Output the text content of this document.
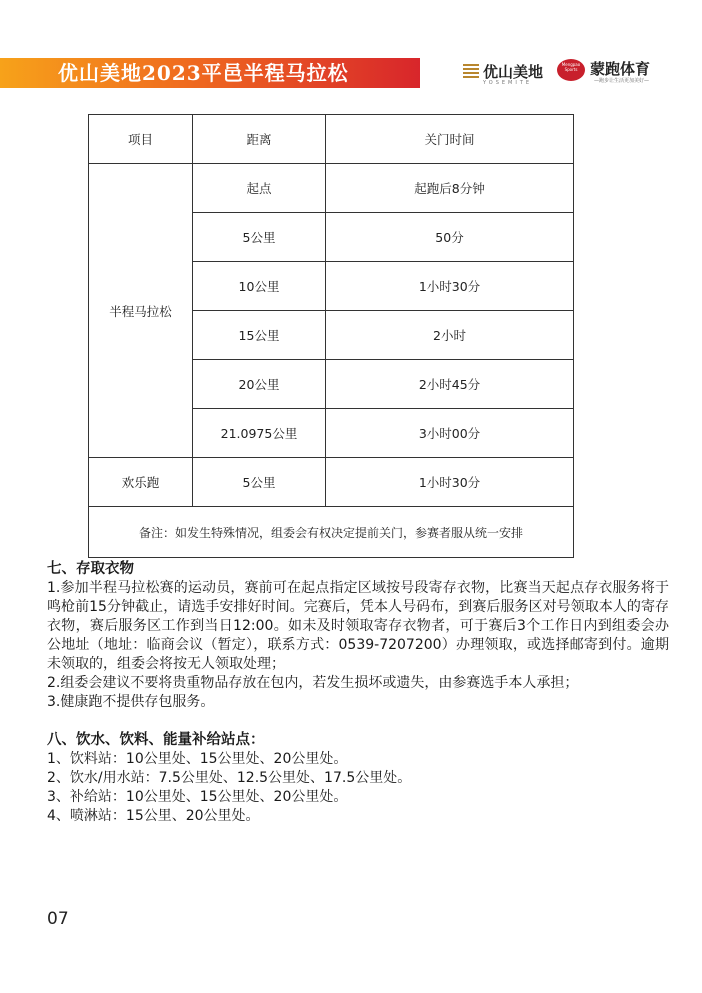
优山美地2023平邑半程马拉松	优山美地
YOSEMITE
Mengpao Sports 蒙跑体育
—跑步让生活更加美好—
项目	距离	关门时间
半程马拉松	起点	起跑后8分钟
	5公里	50分
	10公里	1小时30分
	15公里	2小时
	20公里	2小时45分
	21.0975公里	3小时00分
欢乐跑	5公里	1小时30分
备注：如发生特殊情况，组委会有权决定提前关门，参赛者服从统一安排		
七、存取衣物
1.参加半程马拉松赛的运动员，赛前可在起点指定区域按号段寄存衣物，比赛当天起点存衣服务将于鸣枪前15分钟截止，请选手安排好时间。完赛后，凭本人号码布，到赛后服务区对号领取本人的寄存衣物，赛后服务区工作到当日12:00。如未及时领取寄存衣物者，可于赛后3个工作日内到组委会办公地址（地址：临商会议（暂定），联系方式：0539-7207200）办理领取，或选择邮寄到付。逾期未领取的，组委会将按无人领取处理；
2.组委会建议不要将贵重物品存放在包内，若发生损坏或遗失，由参赛选手本人承担；
3.健康跑不提供存包服务。
八、饮水、饮料、能量补给站点：
1、饮料站：10公里处、15公里处、20公里处。
2、饮水/用水站：7.5公里处、12.5公里处、17.5公里处。
3、补给站：10公里处、15公里处、20公里处。
4、喷淋站：15公里、20公里处。
07
